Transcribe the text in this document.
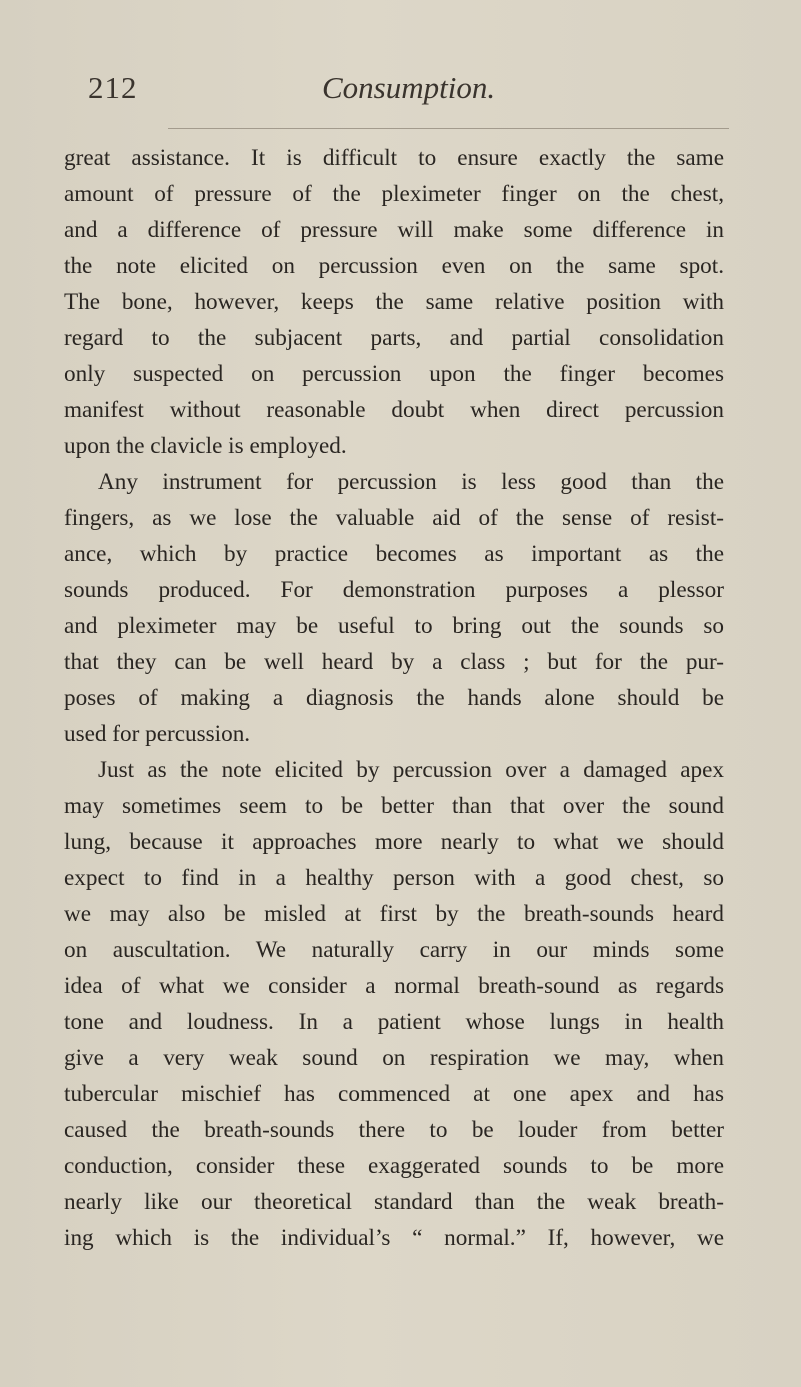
212	Consumption.
great assistance. It is difficult to ensure exactly the same
amount of pressure of the pleximeter finger on the chest,
and a difference of pressure will make some difference in
the note elicited on percussion even on the same spot.
The bone, however, keeps the same relative position with
regard to the subjacent parts, and partial consolidation
only suspected on percussion upon the finger becomes
manifest without reasonable doubt when direct percussion
upon the clavicle is employed.
Any instrument for percussion is less good than the
fingers, as we lose the valuable aid of the sense of resist-
ance, which by practice becomes as important as the
sounds produced. For demonstration purposes a plessor
and pleximeter may be useful to bring out the sounds so
that they can be well heard by a class ; but for the pur-
poses of making a diagnosis the hands alone should be
used for percussion.
Just as the note elicited by percussion over a damaged apex
may sometimes seem to be better than that over the sound
lung, because it approaches more nearly to what we should
expect to find in a healthy person with a good chest, so
we may also be misled at first by the breath-sounds heard
on auscultation. We naturally carry in our minds some
idea of what we consider a normal breath-sound as regards
tone and loudness. In a patient whose lungs in health
give a very weak sound on respiration we may, when
tubercular mischief has commenced at one apex and has
caused the breath-sounds there to be louder from better
conduction, consider these exaggerated sounds to be more
nearly like our theoretical standard than the weak breath-
ing which is the individual’s “ normal.” If, however, we
